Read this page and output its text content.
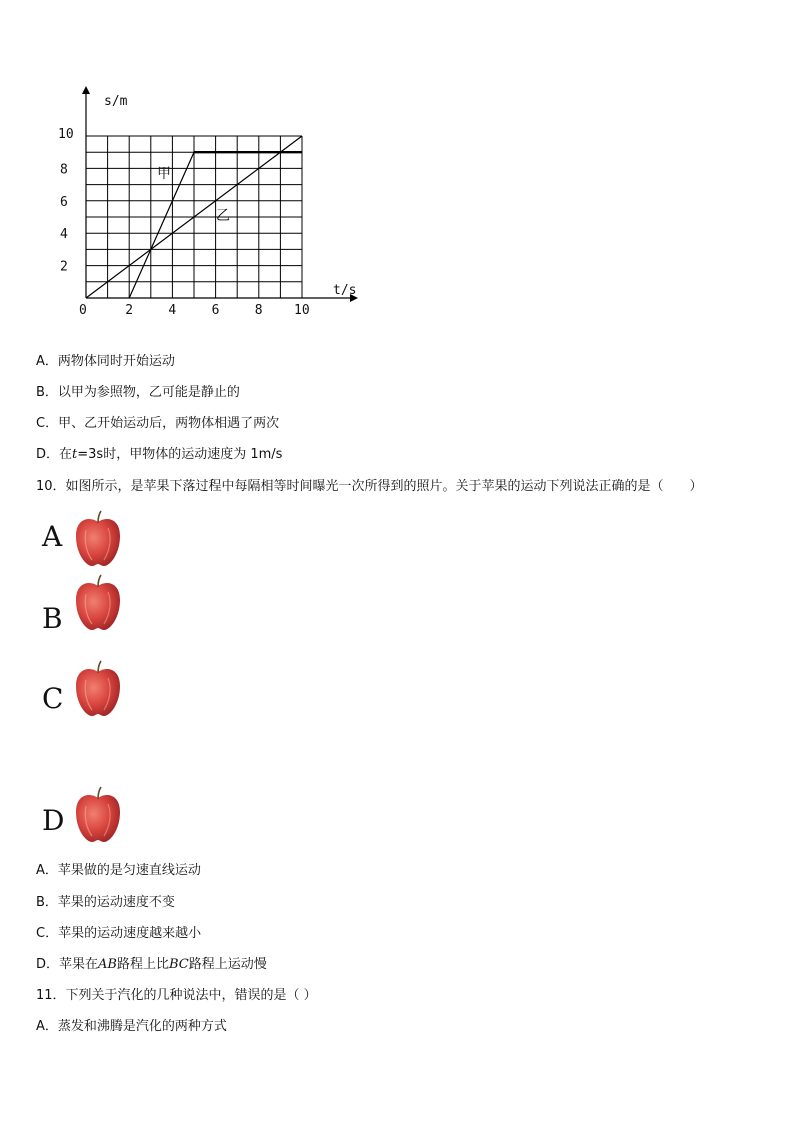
0	2	4	6	8 10
2
4
6
8
10
s/m
t/s
甲
乙
A．两物体同时开始运动
B．以甲为参照物，乙可能是静止的
C．甲、乙开始运动后，两物体相遇了两次
D．在t=3s时，甲物体的运动速度为 1m/s
10．如图所示，是苹果下落过程中每隔相等时间曝光一次所得到的照片。关于苹果的运动下列说法正确的是（　　）
A
B
C
D
A．苹果做的是匀速直线运动
B．苹果的运动速度不变
C．苹果的运动速度越来越小
D．苹果在AB路程上比BC路程上运动慢
11．下列关于汽化的几种说法中，错误的是（ ）
A．蒸发和沸腾是汽化的两种方式
